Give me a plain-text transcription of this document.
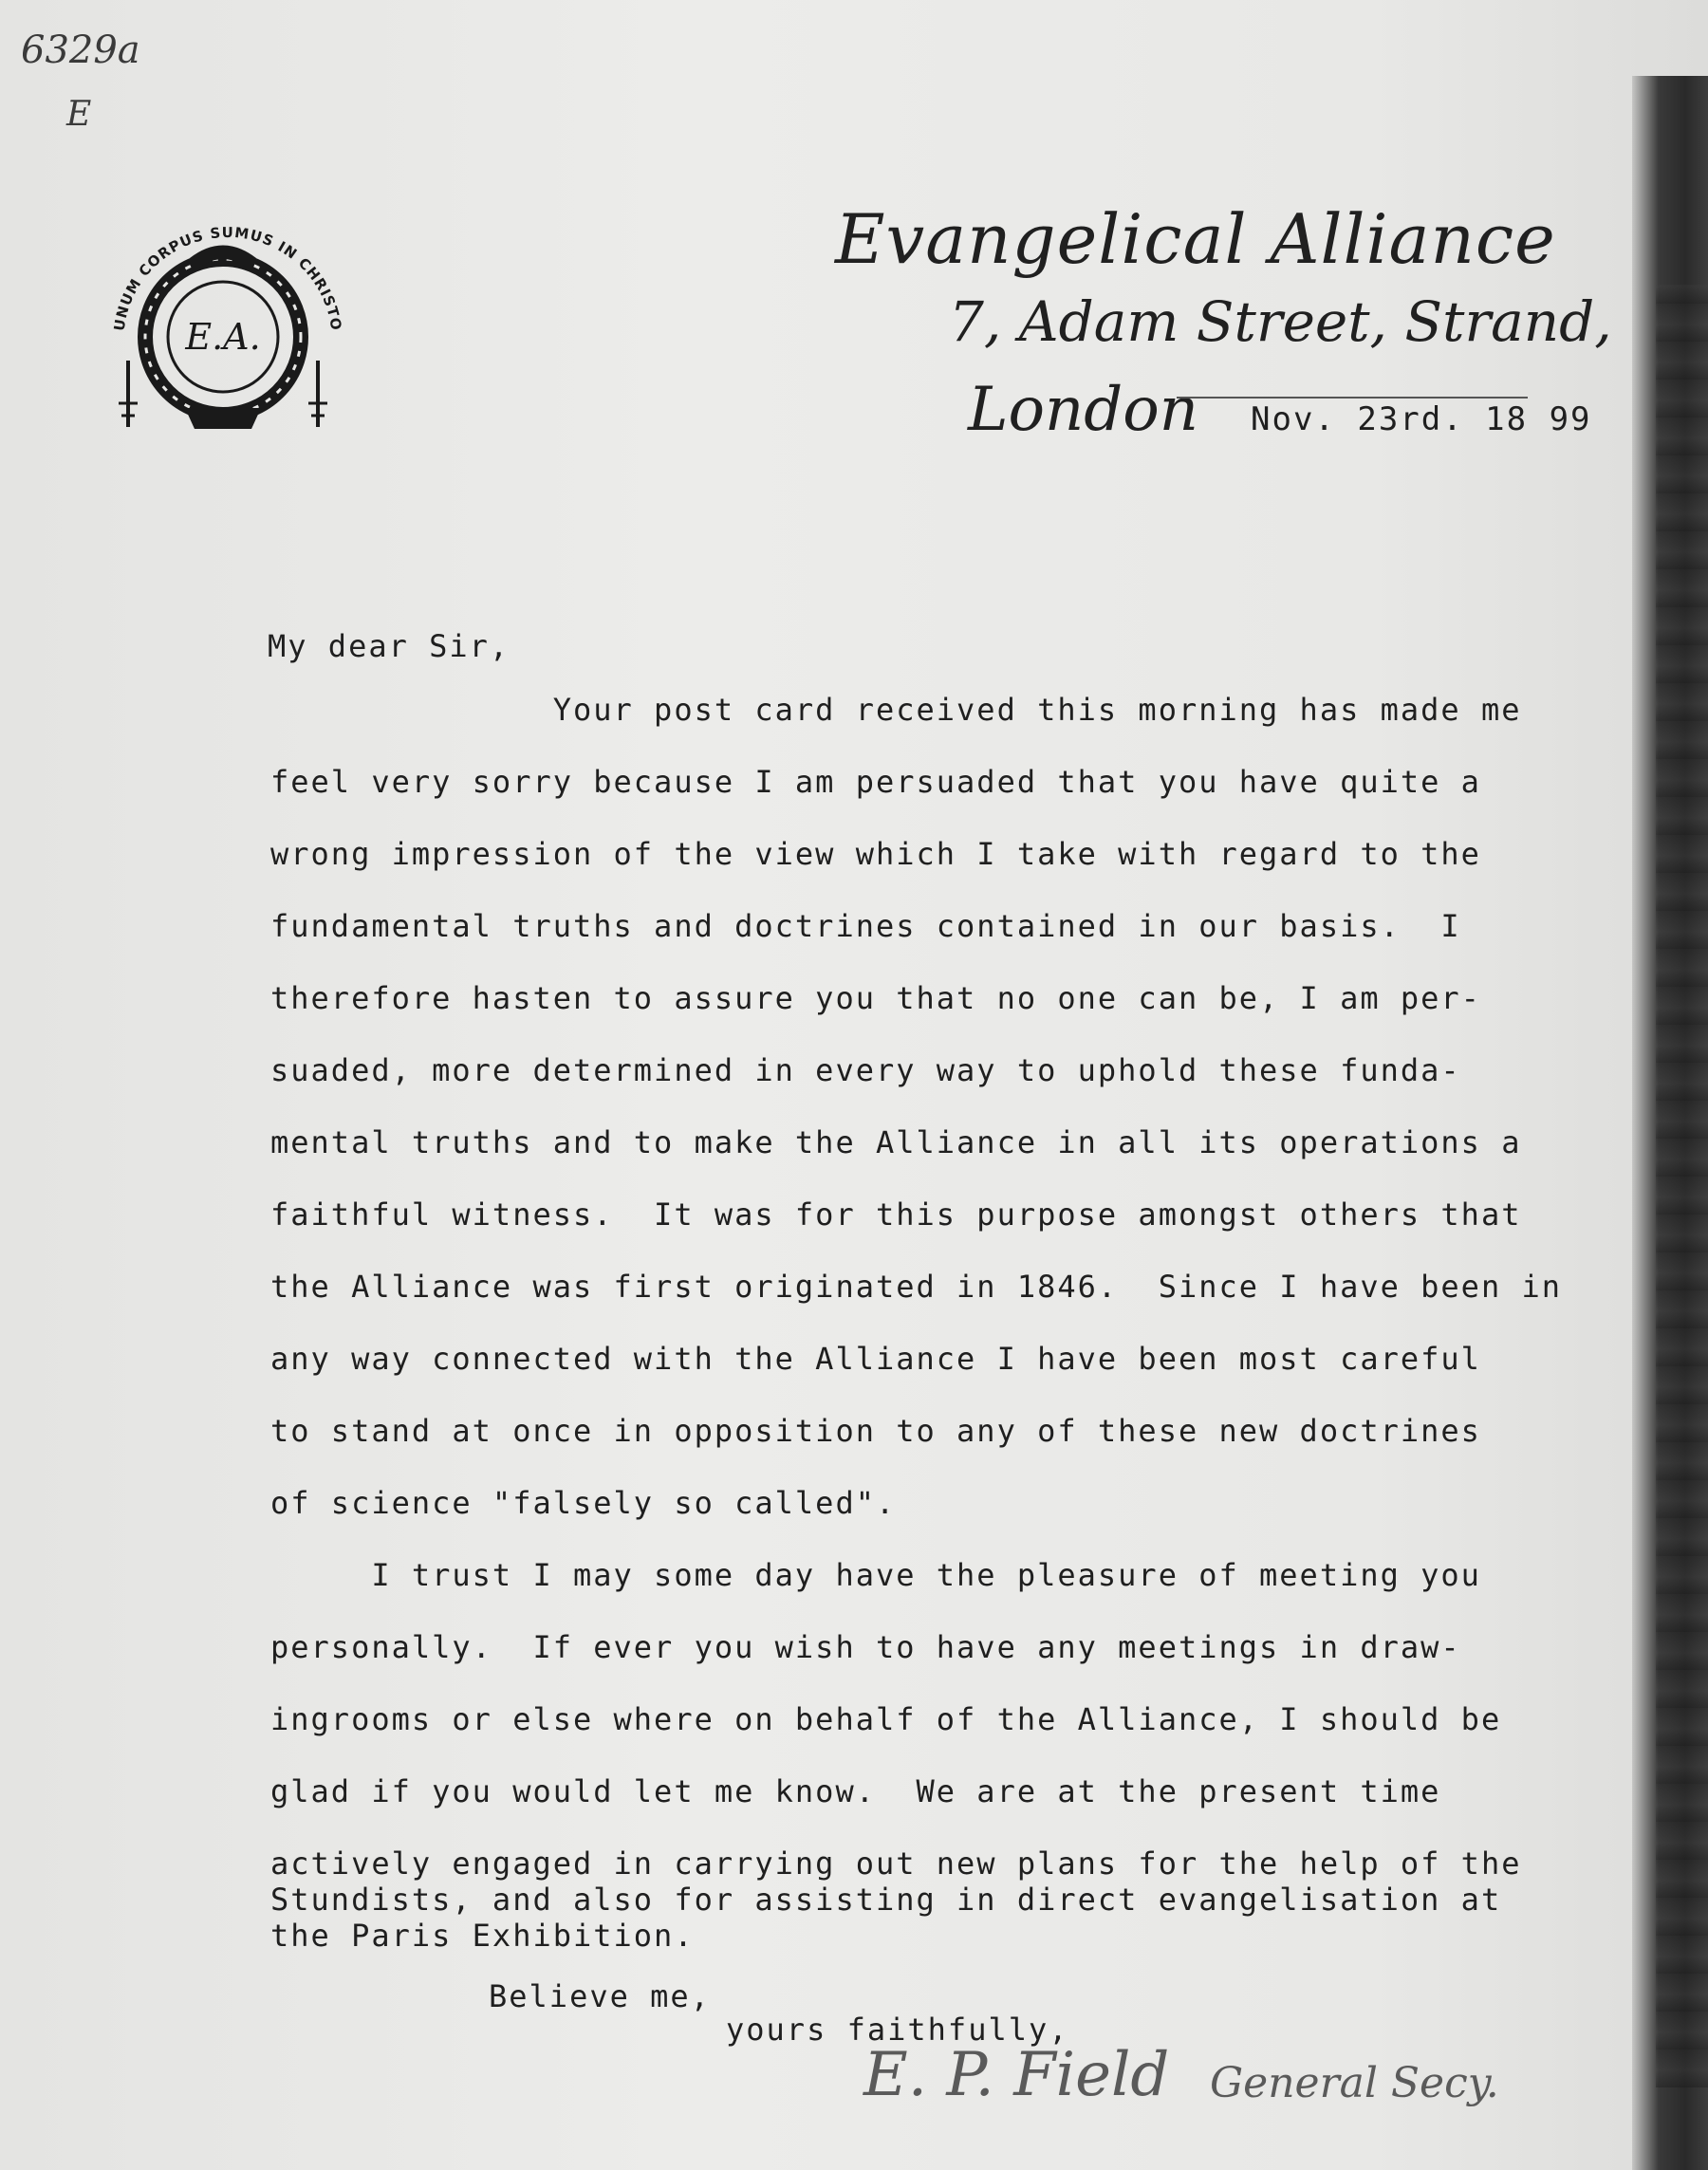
6329a
E
UNUM CORPUS SUMUS IN CHRISTO
E.A.
Evangelical Alliance
7, Adam Street, Strand,
London Nov. 23rd. 18 99
My dear Sir,
Your post card received this morning has made me
feel very sorry because I am persuaded that you have quite a
wrong impression of the view which I take with regard to the
fundamental truths and doctrines contained in our basis.  I
therefore hasten to assure you that no one can be, I am per-
suaded, more determined in every way to uphold these funda-
mental truths and to make the Alliance in all its operations a
faithful witness.  It was for this purpose amongst others that
the Alliance was first originated in 1846.  Since I have been in
any way connected with the Alliance I have been most careful
to stand at once in opposition to any of these new doctrines
of science "falsely so called".
I trust I may some day have the pleasure of meeting you
personally.  If ever you wish to have any meetings in draw-
ingrooms or else where on behalf of the Alliance, I should be
glad if you would let me know.  We are at the present time
actively engaged in carrying out new plans for the help of the
Stundists, and also for assisting in direct evangelisation at
the Paris Exhibition.
Believe me,
yours faithfully,
E. P. Field General Secy.
